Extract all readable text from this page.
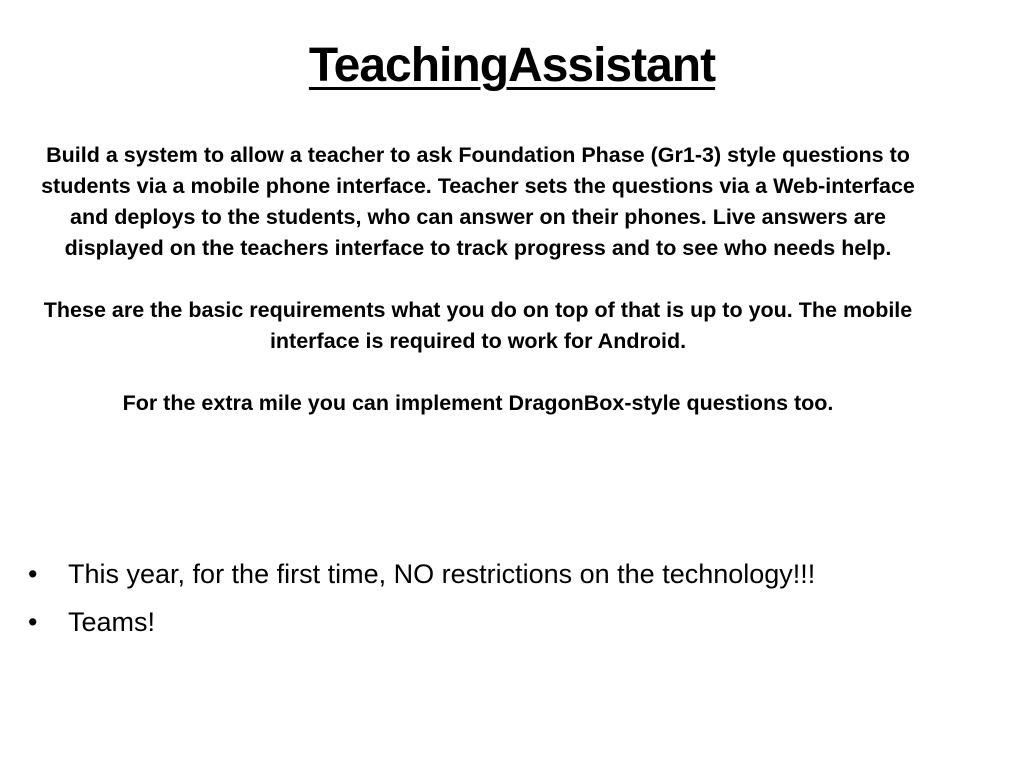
TeachingAssistant

Build a system to allow a teacher to ask Foundation Phase (Gr1-3) style questions to students via a mobile phone interface. Teacher sets the questions via a Web-interface and deploys to the students, who can answer on their phones. Live answers are displayed on the teachers interface to track progress and to see who needs help.

These are the basic requirements what you do on top of that is up to you. The mobile interface is required to work for Android.

For the extra mile you can implement DragonBox-style questions too.

• This year, for the first time, NO restrictions on the technology!!!
• Teams!
